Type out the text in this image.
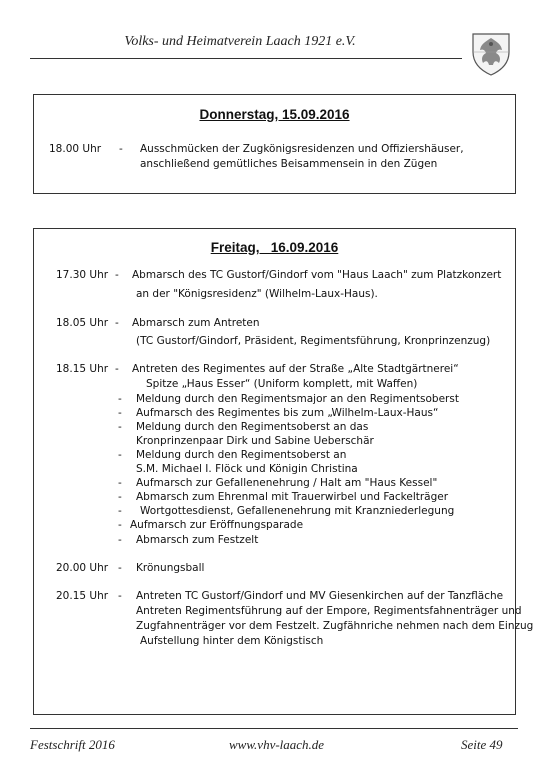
Volks- und Heimatverein Laach 1921 e.V.
Donnerstag, 15.09.2016
18.00 Uhr - Ausschmücken der Zugkönigsresidenzen und Offiziershäuser,
anschließend gemütliches Beisammensein in den Zügen
Freitag,   16.09.2016
17.30 Uhr - Abmarsch des TC Gustorf/Gindorf vom "Haus Laach" zum Platzkonzert
an der "Königsresidenz" (Wilhelm-Laux-Haus).
18.05 Uhr - Abmarsch zum Antreten
(TC Gustorf/Gindorf, Präsident, Regimentsführung, Kronprinzenzug)
18.15 Uhr - Antreten des Regimentes auf der Straße „Alte Stadtgärtnerei“
Spitze „Haus Esser“ (Uniform komplett, mit Waffen)
- Meldung durch den Regimentsmajor an den Regimentsoberst
- Aufmarsch des Regimentes bis zum „Wilhelm-Laux-Haus“
- Meldung durch den Regimentsoberst an das
Kronprinzenpaar Dirk und Sabine Ueberschär
- Meldung durch den Regimentsoberst an
S.M. Michael I. Flöck und Königin Christina
- Aufmarsch zur Gefallenenehrung / Halt am "Haus Kessel"
- Abmarsch zum Ehrenmal mit Trauerwirbel und Fackelträger
- Wortgottesdienst, Gefallenenehrung mit Kranzniederlegung
- Aufmarsch zur Eröffnungsparade
- Abmarsch zum Festzelt
20.00 Uhr - Krönungsball
20.15 Uhr - Antreten TC Gustorf/Gindorf und MV Giesenkirchen auf der Tanzfläche
Antreten Regimentsführung auf der Empore, Regimentsfahnenträger und
Zugfahnenträger vor dem Festzelt. Zugfähnriche nehmen nach dem Einzug
Aufstellung hinter dem Königstisch
Festschrift 2016	www.vhv-laach.de	Seite 49
